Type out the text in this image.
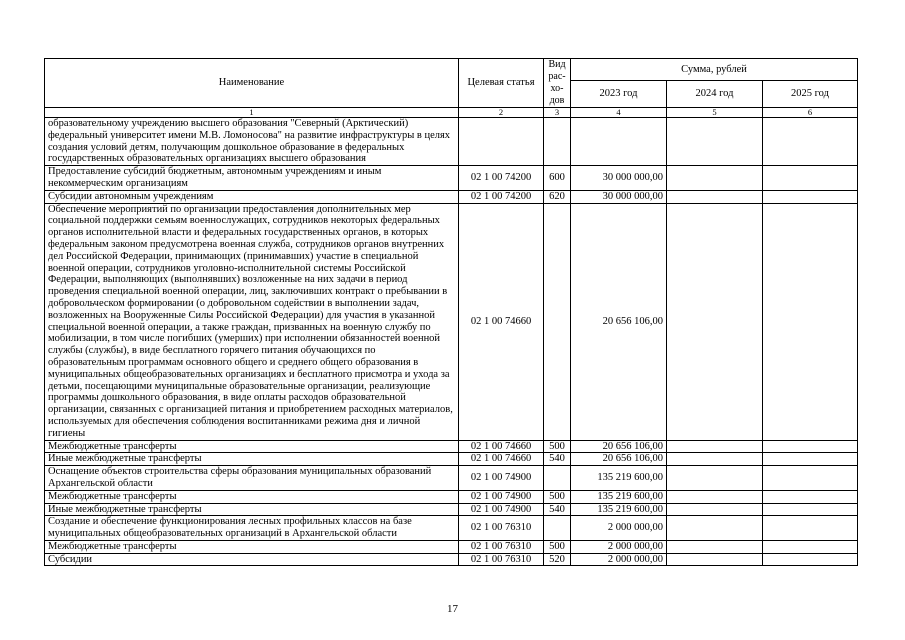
Наименование	Целевая статья	Вид рас-хо-дов	Сумма, рублей		
			2023 год	2024 год	2025 год
1	2	3	4	5	6
образовательному учреждению высшего образования "Северный (Арктический) федеральный университет имени М.В. Ломоносова" на развитие инфраструктуры в целях создания условий детям, получающим дошкольное образование в федеральных государственных образовательных организациях высшего образования					
Предоставление субсидий бюджетным, автономным учреждениям и иным некоммерческим организациям	02 1 00 74200	600	30 000 000,00		
Субсидии автономным учреждениям	02 1 00 74200	620	30 000 000,00		
Обеспечение мероприятий по организации предоставления дополнительных мер социальной поддержки семьям военнослужащих, сотрудников некоторых федеральных органов исполнительной власти и федеральных государственных органов, в которых федеральным законом предусмотрена военная служба, сотрудников органов внутренних дел Российской Федерации, принимающих (принимавших) участие в специальной военной операции, сотрудников уголовно-исполнительной системы Российской Федерации, выполняющих (выполнявших) возложенные на них задачи в период проведения специальной военной операции, лиц, заключивших контракт о пребывании в добровольческом формировании (о добровольном содействии в выполнении задач, возложенных на Вооруженные Силы Российской Федерации) для участия в указанной специальной военной операции, а также граждан, призванных на военную службу по мобилизации, в том числе погибших (умерших) при исполнении обязанностей военной службы (службы), в виде бесплатного горячего питания обучающихся по образовательным программам основного общего и среднего общего образования в муниципальных общеобразовательных организациях и бесплатного присмотра и ухода за детьми, посещающими муниципальные образовательные организации, реализующие программы дошкольного образования, в виде оплаты расходов образовательной организации, связанных с организацией питания и приобретением расходных материалов, используемых для обеспечения соблюдения воспитанниками режима дня и личной гигиены	02 1 00 74660		20 656 106,00		
Межбюджетные трансферты	02 1 00 74660	500	20 656 106,00		
Иные межбюджетные трансферты	02 1 00 74660	540	20 656 106,00		
Оснащение объектов строительства сферы образования муниципальных образований Архангельской области	02 1 00 74900		135 219 600,00		
Межбюджетные трансферты	02 1 00 74900	500	135 219 600,00		
Иные межбюджетные трансферты	02 1 00 74900	540	135 219 600,00		
Создание и обеспечение функционирования лесных профильных классов на базе муниципальных общеобразовательных организаций в Архангельской области	02 1 00 76310		2 000 000,00		
Межбюджетные трансферты	02 1 00 76310	500	2 000 000,00		
Субсидии	02 1 00 76310	520	2 000 000,00		
17
